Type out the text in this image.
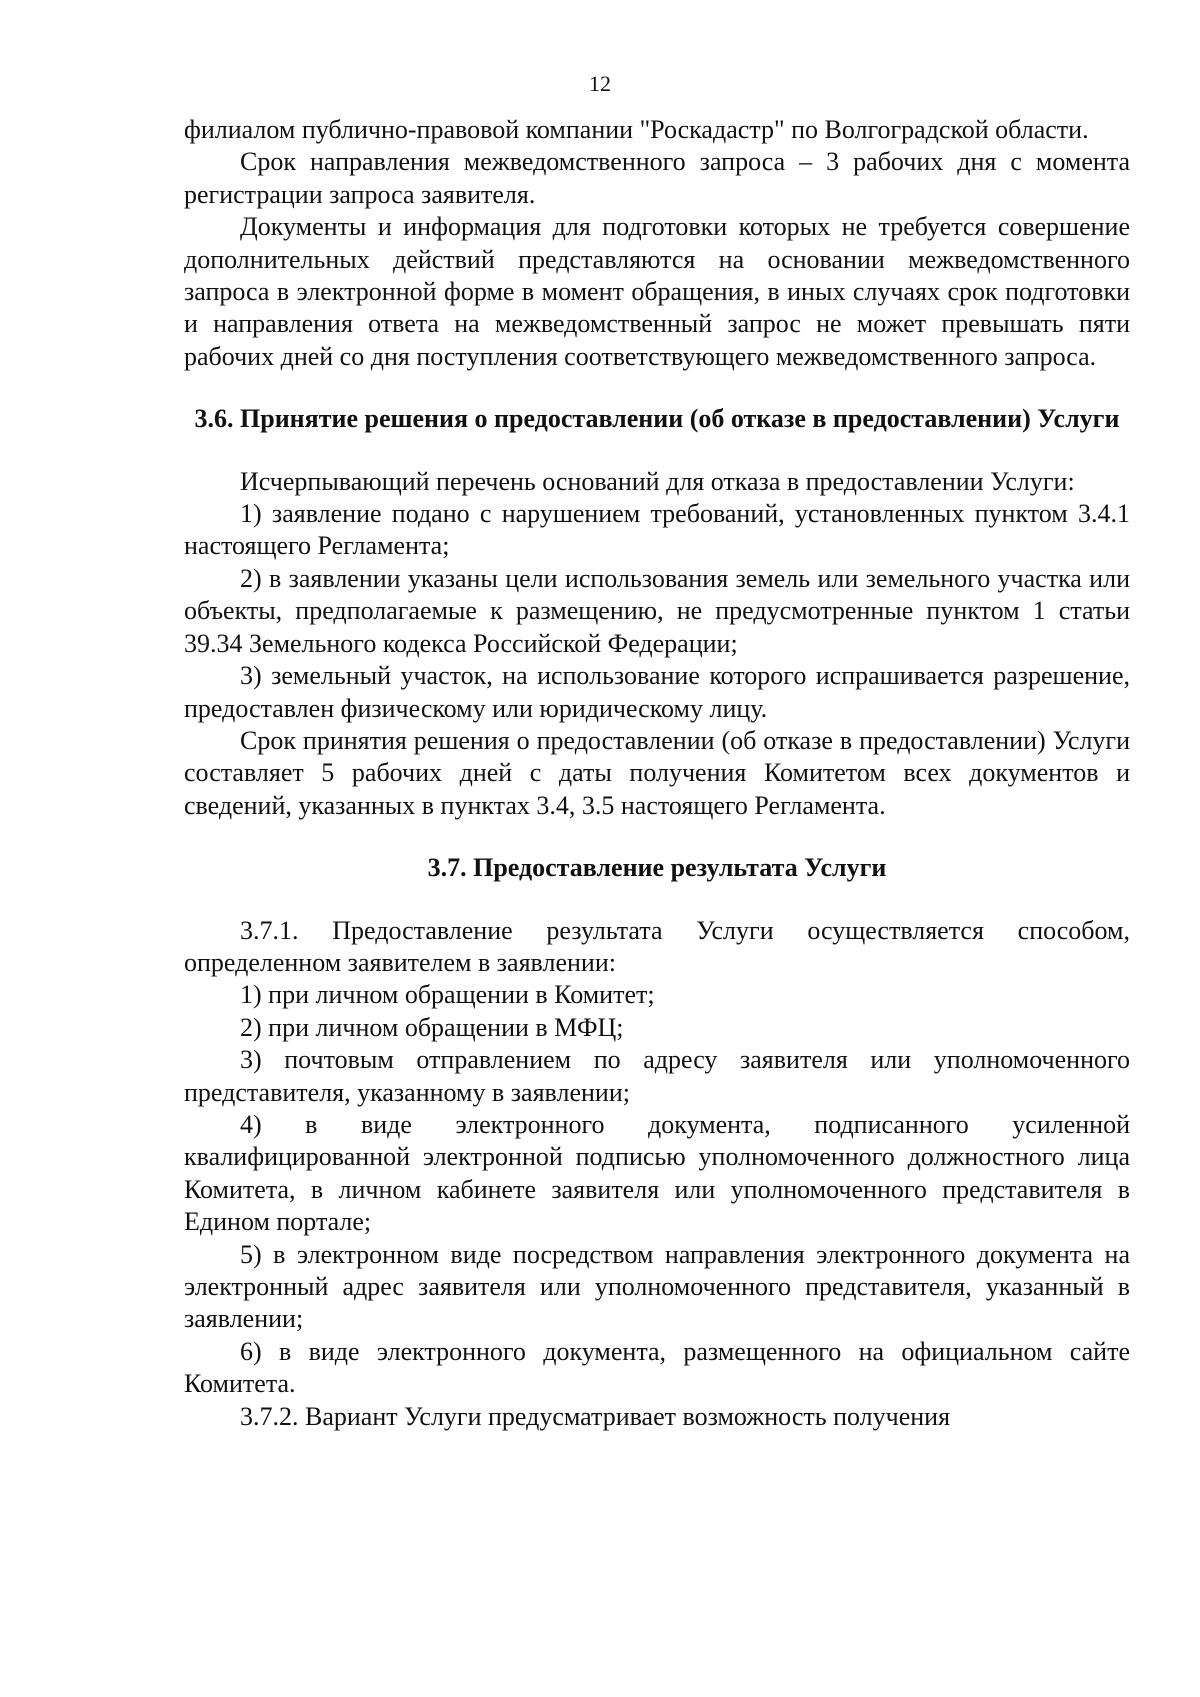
12

филиалом публично-правовой компании "Роскадастр" по Волгоградской области.

Срок направления межведомственного запроса – 3 рабочих дня с момента регистрации запроса заявителя.

Документы и информация для подготовки которых не требуется совершение дополнительных действий представляются на основании межведомственного запроса в электронной форме в момент обращения, в иных случаях срок подготовки и направления ответа на межведомственный запрос не может превышать пяти рабочих дней со дня поступления соответствующего межведомственного запроса.

3.6. Принятие решения о предоставлении (об отказе в предоставлении) Услуги

Исчерпывающий перечень оснований для отказа в предоставлении Услуги:

1) заявление подано с нарушением требований, установленных пунктом 3.4.1 настоящего Регламента;

2) в заявлении указаны цели использования земель или земельного участка или объекты, предполагаемые к размещению, не предусмотренные пунктом 1 статьи 39.34 Земельного кодекса Российской Федерации;

3) земельный участок, на использование которого испрашивается разрешение, предоставлен физическому или юридическому лицу.

Срок принятия решения о предоставлении (об отказе в предоставлении) Услуги составляет 5 рабочих дней с даты получения Комитетом всех документов и сведений, указанных в пунктах 3.4, 3.5 настоящего Регламента.

3.7. Предоставление результата Услуги

3.7.1. Предоставление результата Услуги осуществляется способом, определенном заявителем в заявлении:

1) при личном обращении в Комитет;

2) при личном обращении в МФЦ;

3) почтовым отправлением по адресу заявителя или уполномоченного представителя, указанному в заявлении;

4) в виде электронного документа, подписанного усиленной квалифицированной электронной подписью уполномоченного должностного лица Комитета, в личном кабинете заявителя или уполномоченного представителя в Едином портале;

5) в электронном виде посредством направления электронного документа на электронный адрес заявителя или уполномоченного представителя, указанный в заявлении;

6) в виде электронного документа, размещенного на официальном сайте Комитета.

3.7.2. Вариант Услуги предусматривает возможность получения
